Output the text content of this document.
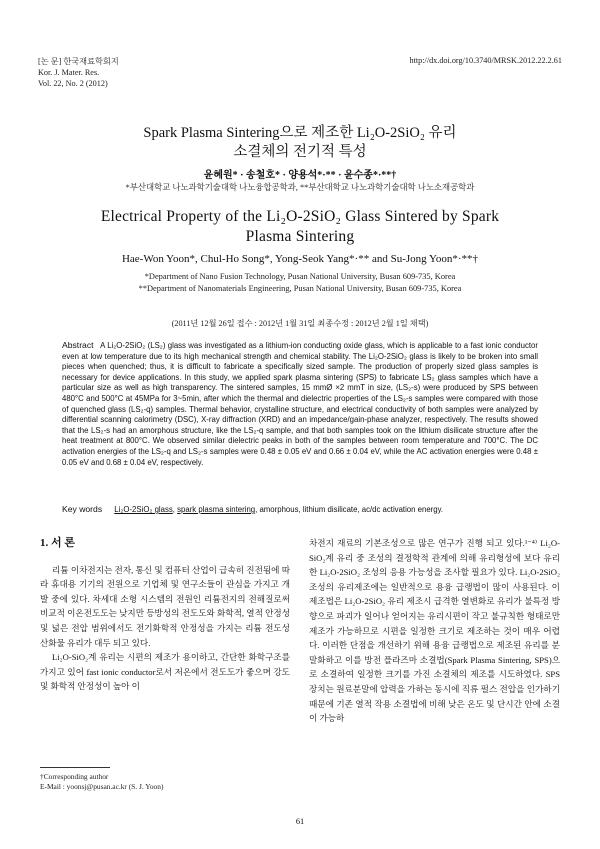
[논 문] 한국재료학회지
Kor. J. Mater. Res.
Vol. 22, No. 2 (2012)
http://dx.doi.org/10.3740/MRSK.2012.22.2.61
Spark Plasma Sintering으로 제조한 Li₂O-2SiO₂ 유리
소결체의 전기적 특성
윤혜원* · 송철호* · 양용석*·** · 윤수종*·**†
*부산대학교 나노과학기술대학 나노융합공학과, **부산대학교 나노과학기술대학 나노소재공학과
Electrical Property of the Li₂O-2SiO₂ Glass Sintered by Spark
Plasma Sintering
Hae-Won Yoon*, Chul-Ho Song*, Yong-Seok Yang*·** and Su-Jong Yoon*·**†
*Department of Nano Fusion Technology, Pusan National University, Busan 609-735, Korea
**Department of Nanomaterials Engineering, Pusan National University, Busan 609-735, Korea
(2011년 12월 26일 접수 : 2012년 1월 31일 최종수정 : 2012년 2월 1일 채택)
Abstract A Li₂O-2SiO₂ (LS₂) glass was investigated as a lithium-ion conducting oxide glass, which is applicable to a fast ionic conductor even at low temperature due to its high mechanical strength and chemical stability. The Li₂O-2SiO₂ glass is likely to be broken into small pieces when quenched; thus, it is difficult to fabricate a specifically sized sample. The production of properly sized glass samples is necessary for device applications. In this study, we applied spark plasma sintering (SPS) to fabricate LS₂ glass samples which have a particular size as well as high transparency. The sintered samples, 15 mmØ ×2 mmT in size, (LS₂-s) were produced by SPS between 480°C and 500°C at 45MPa for 3~5min, after which the thermal and dielectric properties of the LS₂-s samples were compared with those of quenched glass (LS₂-q) samples. Thermal behavior, crystalline structure, and electrical conductivity of both samples were analyzed by differential scanning calorimetry (DSC), X-ray diffraction (XRD) and an impedance/gain-phase analyzer, respectively. The results showed that the LS₂-s had an amorphous structure, like the LS₂-q sample, and that both samples took on the lithium disilicate structure after the heat treatment at 800°C. We observed similar dielectric peaks in both of the samples between room temperature and 700°C. The DC activation energies of the LS₂-q and LS₂-s samples were 0.48 ± 0.05 eV and 0.66 ± 0.04 eV, while the AC activation energies were 0.48 ± 0.05 eV and 0.68 ± 0.04 eV, respectively.
Key words Li₂O-2SiO₂ glass, spark plasma sintering, amorphous, lithium disilicate, ac/dc activation energy.
1. 서 론

리튬 이차전지는 전자, 통신 및 컴퓨터 산업이 급속히 진전됨에 따라 휴대용 기기의 전원으로 기업체 및 연구소들이 관심을 가지고 개발 중에 있다. 차세대 소형 시스템의 전원인 리튬전지의 전해질로써 비교적 이온전도도는 낮지만 등방성의 전도도와 화학적, 열적 안정성 및 넓은 전압 범위에서도 전기화학적 안정성을 가지는 리튬 전도성 산화물 유리가 대두 되고 있다.

Li₂O-SiO₂계 유리는 시편의 제조가 용이하고, 간단한 화학구조를 가지고 있어 fast ionic conductor로서 저온에서 전도도가 좋으며 강도 및 화학적 안정성이 높아 이

차전지 재료의 기본조성으로 많은 연구가 진행 되고 있다.¹⁻⁴⁾ Li₂O-SiO₂계 유리 중 조성의 결정학적 관계에 의해 유리형성에 보다 유리한 Li₂O-2SiO₂ 조성의 응용 가능성을 조사할 필요가 있다. Li₂O-2SiO₂ 조성의 유리제조에는 일반적으로 용융 급랭법이 많이 사용된다. 이 제조법은 Li₂O-2SiO₂ 유리 제조시 급격한 열변화로 유리가 불특정 방향으로 파괴가 일어나 얻어지는 유리시편이 작고 불규칙한 형태로만 제조가 가능하므로 시편을 일정한 크기로 제조하는 것이 매우 어렵다. 이러한 단점을 개선하기 위해 용융 급랭법으로 제조된 유리를 분말화하고 이를 방전 플라즈마 소결법(Spark Plasma Sintering, SPS)으로 소결하여 일정한 크기를 가진 소결체의 제조를 시도하였다. SPS 장치는 원료분말에 압력을 가하는 동시에 직류 펄스 전압을 인가하기 때문에 기존 열적 작용 소결법에 비해 낮은 온도 및 단시간 안에 소결이 가능하

†Corresponding author
E-Mail : yoonsj@pusan.ac.kr (S. J. Yoon)
61
